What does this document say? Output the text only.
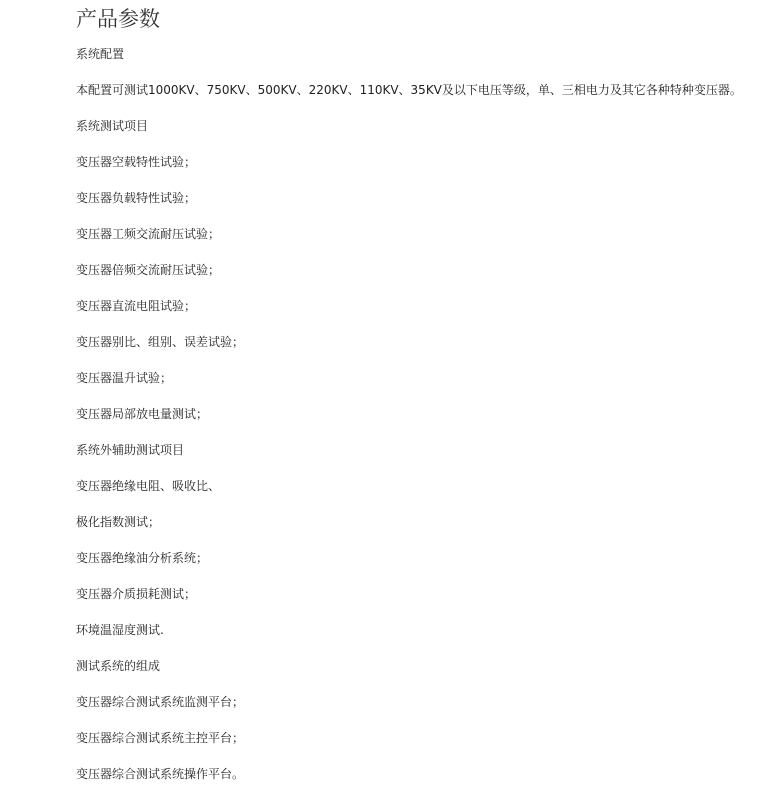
产品参数
系统配置
本配置可测试1000KV、750KV、500KV、220KV、110KV、35KV及以下电压等级，单、三相电力及其它各种特种变压器。
系统测试项目
变压器空载特性试验；
变压器负载特性试验；
变压器工频交流耐压试验；
变压器倍频交流耐压试验；
变压器直流电阻试验；
变压器别比、组别、误差试验；
变压器温升试验；
变压器局部放电量测试；
系统外辅助测试项目
变压器绝缘电阻、吸收比、
极化指数测试；
变压器绝缘油分析系统；
变压器介质损耗测试；
环境温湿度测试.
测试系统的组成
变压器综合测试系统监测平台；
变压器综合测试系统主控平台；
变压器综合测试系统操作平台。
